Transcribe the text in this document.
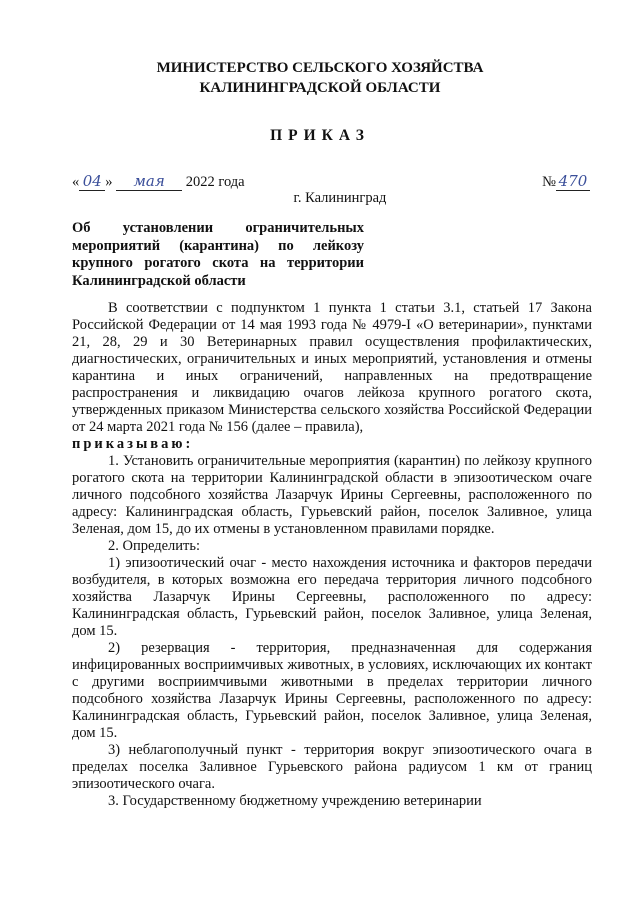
МИНИСТЕРСТВО СЕЛЬСКОГО ХОЗЯЙСТВА
КАЛИНИНГРАДСКОЙ ОБЛАСТИ
ПРИКАЗ
« 04 » мая 2022 года	№ 470
г. Калининград
Об установлении ограничительных мероприятий (карантина) по лейкозу крупного рогатого скота на территории Калининградской области

В соответствии с подпунктом 1 пункта 1 статьи 3.1, статьей 17 Закона Российской Федерации от 14 мая 1993 года № 4979-I «О ветеринарии», пунктами 21, 28, 29 и 30 Ветеринарных правил осуществления профилактических, диагностических, ограничительных и иных мероприятий, установления и отмены карантина и иных ограничений, направленных на предотвращение распространения и ликвидацию очагов лейкоза крупного рогатого скота, утвержденных приказом Министерства сельского хозяйства Российской Федерации от 24 марта 2021 года № 156 (далее – правила),

приказываю:

1. Установить ограничительные мероприятия (карантин) по лейкозу крупного рогатого скота на территории Калининградской области в эпизоотическом очаге личного подсобного хозяйства Лазарчук Ирины Сергеевны, расположенного по адресу: Калининградская область, Гурьевский район, поселок Заливное, улица Зеленая, дом 15, до их отмены в установленном правилами порядке.

2. Определить:

1) эпизоотический очаг - место нахождения источника и факторов передачи возбудителя, в которых возможна его передача территория личного подсобного хозяйства Лазарчук Ирины Сергеевны, расположенного по адресу: Калининградская область, Гурьевский район, поселок Заливное, улица Зеленая, дом 15.

2) резервация - территория, предназначенная для содержания инфицированных восприимчивых животных, в условиях, исключающих их контакт с другими восприимчивыми животными в пределах территории личного подсобного хозяйства Лазарчук Ирины Сергеевны, расположенного по адресу: Калининградская область, Гурьевский район, поселок Заливное, улица Зеленая, дом 15.

3) неблагополучный пункт - территория вокруг эпизоотического очага в пределах поселка Заливное Гурьевского района радиусом 1 км от границ эпизоотического очага.

3. Государственному бюджетному учреждению ветеринарии
